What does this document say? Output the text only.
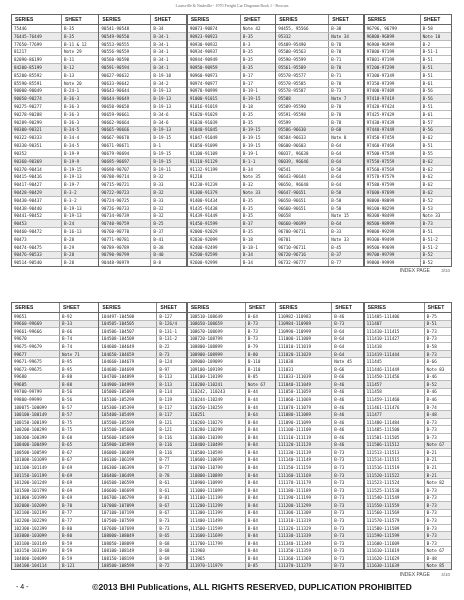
Louisville & Nashville - 1970 Freight Car Diagrams Book 1 - Boxcars
SERIES	SHEET
75446	B-35
76445-76449	B-35
77650-77699	B-11 & 12
81217	Note 29
82090-86199	B-11
84200-85199	B-12
85200-85592	B-13
85590-85591	Note 20
90000-90049	B-24-1
90050-90274	B-36-3
90275-90277	B-36-3
90278-90288	B-36-3
90289-90299	B-36-3
90300-90321	B-34-5
90322-90333	B-34-4
90330-90351	B-34-5
90352	B-19-9
90360-90369	B-19-9
90370-90414	B-19-15
90415-90416	B-19-13
90417-90427	B-19-7
90428-90429	B-3-2
90430-90437	B-3-2
90438-90440	B-19-13
90441-90452	B-19-13
90453	B-24
90460-90472	B-16-13
90473	B-28
90474-90475	B-29
90476-90533	B-28
90514-90540	B-28
SERIES	SHEET
90541-90548	B-34
90549-90550	B-34-1
90553-90555	B-34-1
90556-90559	B-34-1
90560-90590	B-34-1
90591-90594	B-34-1
90627-90632	B-19-10
90633-90642	B-34-2
90643-90644	B-19-13
90644-90649	B-19-13
90650-90658	B-19-13
90659-90661	B-34-6
90662-90664	B-34-6
90665-90666	B-19-13
90667-90670	B-19-15
90671-90671	B-1
90679-90694	B-19-15
90695-90697	B-19-15
90698-90707	B-19-11
90708-90714	B-32
90715-90721	B-33
90722-90723	B-32
90724-90725	B-33
90726-90733	B-32
90734-90739	B-32
90740-90759	B-25
90760-90770	B-37
90771-90781	B-41
90789-90789	B-38
90790-90799	B-40
90448-90979	B-8
SERIES	SHEET
90873-90874	Note 42
90923-90923	B-35
90930-90932	B-3
90934-90937	B-35
90944-90949	B-35
90950-90959	B-35
90960-90973	B-17
90974-90977	B-17
90978-90999	B-19-1
91000-91015	B-19-15
91016-91019	B-18
91020-91029	B-35
91030-91039	B-35
91040-91045	B-19-15
91047-91049	B-19-15
91050-91099	B-19-15
91100-91109	B-19-1
91110-91129	B-1-1
91132-91199	B-34
91218	Note 35
91230-91239	B-32
91300-91379	Note 33
91400-91434	B-35
91435-91438	B-35
91439-91449	B-35
91450-91599	B-37
92000-92029	B-35
92030-92099	B-18
92400-92499	B-18-1
92500-92599	B-34
92600-92999	B-34
SERIES	SHEET
94455, 95566	B-38
95332	Note 34
95489-95490	B-70
95500-95563	B-70
95590-95599	B-71
95561-95589	B-70
95578-95577	B-71
95578-95585	B-70
95578-95587	B-73
95588	Note 7
95589-95590	B-70
95591-95598	B-70
95599	B-70
95586-96630	B-60
96584-96633	Note 8
96600-96603	B-64
96037, 96638	B-64
96039, 96646	B-64
96541	B-58
96643-96644	B-64
96650, 96648	B-64
96647-96651	B-58
96650-96651	B-58
96660-96651	B-58
96658	Note 15
96660-96699	B-64
96700-96711	B-33
96701	Note 33
96710-96711	B-45
96720-96716	B-37
96732-96777	B-77
SERIES	SHEET
96796, 96799	B-58
96800-96899	Note 10
96900-96999	B-2
97000-97199	B-51-1
97001-97199	B-51
97200-97299	B-51
97300-97349	B-51
97350-97399	B-61
97400-97409	B-56
97410-97419	B-56
97420-97424	B-51
97425-97429	B-61
97430-97439	B-57
97440-97449	B-56
97450-97459	B-62
97460-97469	B-51
97500-97549	B-55
97550-97559	B-62
97560-97569	B-62
97570-97579	B-62
97580-97599	B-62
97600-97699	B-62
98000-98099	B-52
98100-98299	B-53
98300-98499	Note 33
98500-98999	B-73
99000-99299	B-51
99300-99499	B-51-2
99500-99699	B-51-2
99700-99799	B-52
99800-99999	B-52
INDEX PAGE 3/10
SERIES	SHEET
99651	B-92
99660-99669	B-33
99661-99666	B-66
99670	B-74
99675-99679	B-74
99677	Note 71
99671-99675	B-95
99673-99675	B-95
99680	B-88
99685	B-88
99700-99799	B-56
99800-99999	B-56
100075-100099	B-57
100100-100149	B-57
100150-100199	B-75
100200-100299	B-75
100300-100399	B-68
100400-100499	B-65
100500-100599	B-67
101000-101099	B-67
101100-101149	B-69
101150-101199	B-69
101200-101249	B-69
101500-101799	B-69
101800-101999	B-69
102000-102099	B-70
102100-102199	B-77
102200-102299	B-77
102300-102399	B-80
103000-103099	B-80
103100-103149	B-59
103150-103199	B-59
104000-104099	B-59
104100-104114	B-121
SERIES	SHEET
104497-104500	B-127
104505-104505	B-126/4
104506-104507	B-131-1
104508-104509	B-131-2
104600-104649	B-22
104650-104659	B-73
104660-104679	B-124
104680-104699	B-97
104700-104899	B-113
104900-104999	B-113
105000-105099	B-114
105100-105299	B-119
105300-105399	B-117
105400-105499	B-117
105500-105599	B-121
105500-105600	B-121
105600-105699	B-116
105900-105999	B-116
106000-106099	B-116
106100-106199	B-77
106300-106399	B-77
106400-106499	B-78
106500-106599	B-61
106600-106699	B-61
106700-106799	B-81
107000-107099	B-67
107100-107199	B-67
107500-107599	B-73
107600-107699	B-73
108000-108049	B-65
108050-108099	B-68
108100-108149	B-68
108150-108199	B-69
108500-108599	B-72
SERIES	SHEET
108510-108649	B-64
108650-108659	B-73
108670-108699	B-73
108720-108799	B-73
108800-108899	B-79
108900-108999	B-80
109000-109099	B-110
109100-109199	B-110
110100-110199	B-85
110200-110241	Note 67
110242, 110243	B-44
110244-110249	B-44
110250-110259	B-44
110251	B-64
110260-110279	B-84
110280-110299	B-84
110300-110399	B-84
110400-110499	B-84
110500-110599	B-84
110600-110699	B-84
110700-110799	B-84
110800-110899	B-84
110900-110999	B-84
111000-111099	B-84
111100-111199	B-84
111200-111299	B-84
111300-111399	B-84
111400-111499	B-84
111500-111599	B-84
111600-111699	B-84
111700-111799	B-84
111960	B-84
111965	B-84
111970-111979	B-85
SERIES	SHEET
110982-110983	B-46
110984-110989	B-73
110990-110999	B-64
111000-111009	B-64
111010-111019	B-64
111020-111029	B-64
111030	Note 45
111031	B-66
111033-111039	B-66
111040-111049	B-46
111050-111059	B-46
111060-111069	B-46
111070-111079	B-46
111080-111089	B-46
111090-111099	B-46
111100-111109	B-46
111110-111119	B-46
111120-111129	B-46
111130-111139	B-73
111140-111149	B-73
111150-111159	B-73
111160-111169	B-73
111170-111179	B-73
111180-111189	B-73
111190-111199	B-73
111200-111299	B-73
111300-111309	B-73
111310-111319	B-73
111320-111329	B-73
111330-111339	B-73
111340-111349	B-73
111350-111359	B-73
111360-111369	B-73
111370-111379	B-73
SERIES	SHEET
111405-111406	B-75
111407	B-51
111410-111415	B-73
111410-111427	B-73
111418	B-58
111419-111444	B-73
111445	B-66
111446-111449	Note 83
111450-111456	B-46
111457	B-52
111458	B-46
111459-111460	B-46
111461-111476	B-74
111477	B-48
111480-111484	B-73
111485-111500	B-73
111501-111505	B-73
111506-111512	Note 67
111513-111513	B-21
111514-111515	B-21
111516-111519	B-21
111520-111522	B-21
111523-111524	Note 82
111525-111530	B-73
111540-111549	B-73
111550-111559	B-73
111560-111569	B-73
111570-111579	B-73
111580-111589	B-73
111590-111599	B-73
111600-111609	B-73
111610-111619	Note 67
111620-111629	B-48
111630-111639	Note 85
INDEX PAGE 4/10
- 4 -	©2013 BHI Publications, ALL RIGHTS RESERVED, DUPLICATION PROHIBITED
